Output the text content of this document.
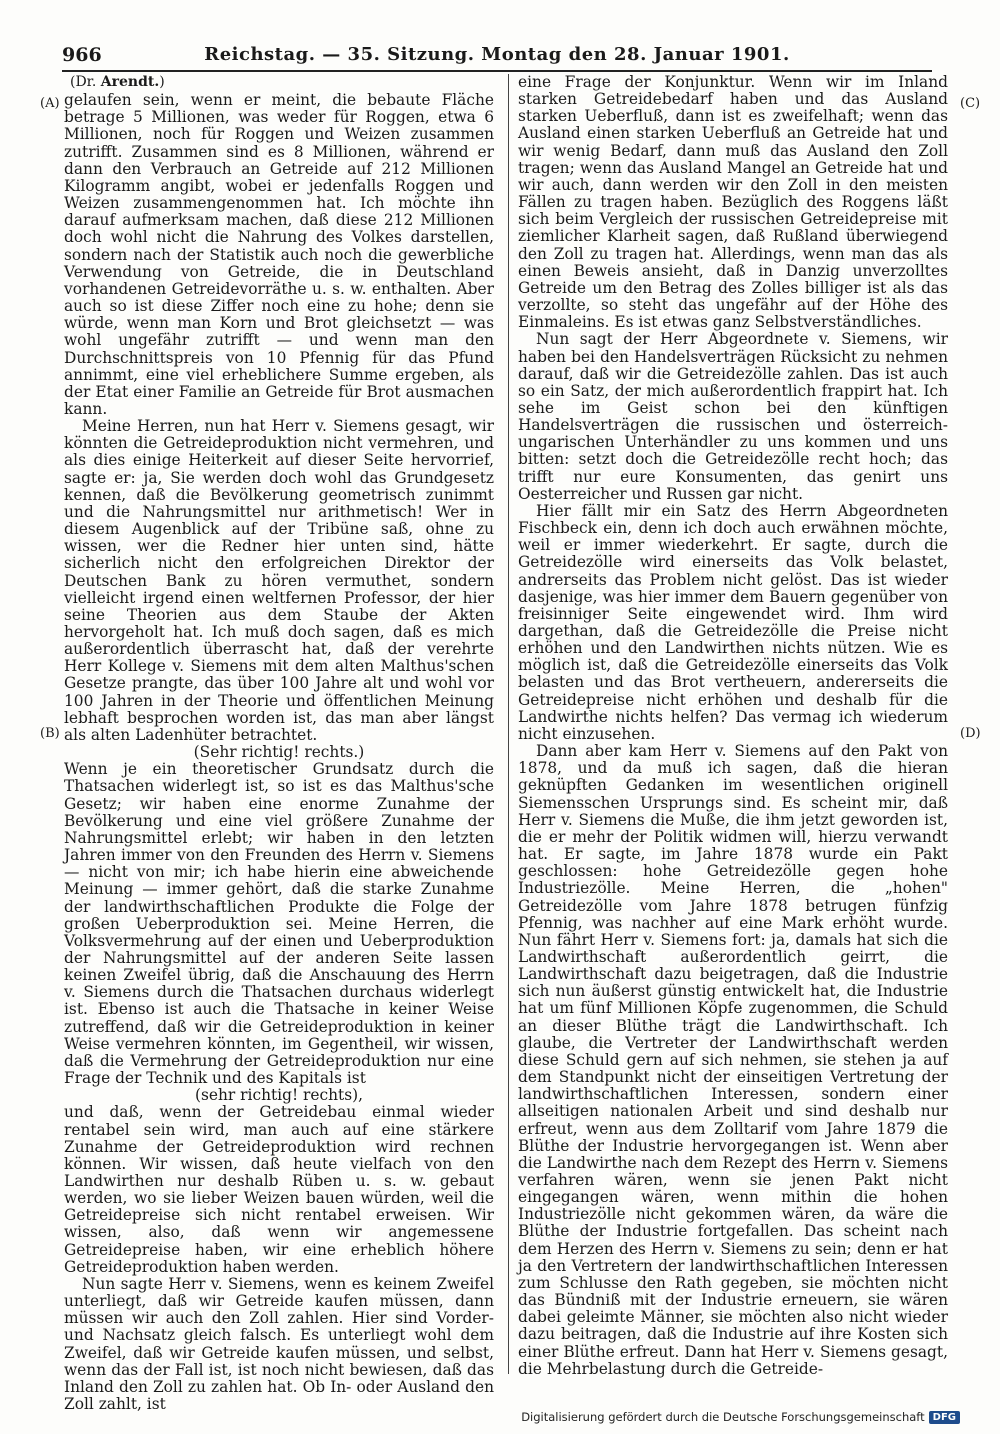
966	Reichstag. — 35. Sitzung. Montag den 28. Januar 1901.
(A)
(B)
(C)
(D)
(Dr. Arendt.)

gelaufen sein, wenn er meint, die bebaute Fläche betrage 5 Millionen, was weder für Roggen, etwa 6 Millionen, noch für Roggen und Weizen zusammen zutrifft. Zusammen sind es 8 Millionen, während er dann den Verbrauch an Getreide auf 212 Millionen Kilogramm angibt, wobei er jedenfalls Roggen und Weizen zusammengenommen hat. Ich möchte ihn darauf aufmerksam machen, daß diese 212 Millionen doch wohl nicht die Nahrung des Volkes darstellen, sondern nach der Statistik auch noch die gewerbliche Verwendung von Getreide, die in Deutschland vorhandenen Getreidevorräthe u. s. w. enthalten. Aber auch so ist diese Ziffer noch eine zu hohe; denn sie würde, wenn man Korn und Brot gleichsetzt — was wohl ungefähr zutrifft — und wenn man den Durchschnittspreis von 10 Pfennig für das Pfund annimmt, eine viel erheblichere Summe ergeben, als der Etat einer Familie an Getreide für Brot ausmachen kann.

Meine Herren, nun hat Herr v. Siemens gesagt, wir könnten die Getreideproduktion nicht vermehren, und als dies einige Heiterkeit auf dieser Seite hervorrief, sagte er: ja, Sie werden doch wohl das Grundgesetz kennen, daß die Bevölkerung geometrisch zunimmt und die Nahrungsmittel nur arithmetisch! Wer in diesem Augenblick auf der Tribüne saß, ohne zu wissen, wer die Redner hier unten sind, hätte sicherlich nicht den erfolgreichen Direktor der Deutschen Bank zu hören vermuthet, sondern vielleicht irgend einen weltfernen Professor, der hier seine Theorien aus dem Staube der Akten hervorgeholt hat. Ich muß doch sagen, daß es mich außerordentlich überrascht hat, daß der verehrte Herr Kollege v. Siemens mit dem alten Malthus'schen Gesetze prangte, das über 100 Jahre alt und wohl vor 100 Jahren in der Theorie und öffentlichen Meinung lebhaft besprochen worden ist, das man aber längst als alten Ladenhüter betrachtet.

(Sehr richtig! rechts.)

Wenn je ein theoretischer Grundsatz durch die Thatsachen widerlegt ist, so ist es das Malthus'sche Gesetz; wir haben eine enorme Zunahme der Bevölkerung und eine viel größere Zunahme der Nahrungsmittel erlebt; wir haben in den letzten Jahren immer von den Freunden des Herrn v. Siemens — nicht von mir; ich habe hierin eine abweichende Meinung — immer gehört, daß die starke Zunahme der landwirthschaftlichen Produkte die Folge der großen Ueberproduktion sei. Meine Herren, die Volksvermehrung auf der einen und Ueberproduktion der Nahrungsmittel auf der anderen Seite lassen keinen Zweifel übrig, daß die Anschauung des Herrn v. Siemens durch die Thatsachen durchaus widerlegt ist. Ebenso ist auch die Thatsache in keiner Weise zutreffend, daß wir die Getreideproduktion in keiner Weise vermehren könnten, im Gegentheil, wir wissen, daß die Vermehrung der Getreideproduktion nur eine Frage der Technik und des Kapitals ist

(sehr richtig! rechts),

und daß, wenn der Getreidebau einmal wieder rentabel sein wird, man auch auf eine stärkere Zunahme der Getreideproduktion wird rechnen können. Wir wissen, daß heute vielfach von den Landwirthen nur deshalb Rüben u. s. w. gebaut werden, wo sie lieber Weizen bauen würden, weil die Getreidepreise sich nicht rentabel erweisen. Wir wissen, also, daß wenn wir angemessene Getreidepreise haben, wir eine erheblich höhere Getreideproduktion haben werden.

Nun sagte Herr v. Siemens, wenn es keinem Zweifel unterliegt, daß wir Getreide kaufen müssen, dann müssen wir auch den Zoll zahlen. Hier sind Vorder- und Nachsatz gleich falsch. Es unterliegt wohl dem Zweifel, daß wir Getreide kaufen müssen, und selbst, wenn das der Fall ist, ist noch nicht bewiesen, daß das Inland den Zoll zu zahlen hat. Ob In- oder Ausland den Zoll zahlt, ist

eine Frage der Konjunktur. Wenn wir im Inland starken Getreidebedarf haben und das Ausland starken Ueberfluß, dann ist es zweifelhaft; wenn das Ausland einen starken Ueberfluß an Getreide hat und wir wenig Bedarf, dann muß das Ausland den Zoll tragen; wenn das Ausland Mangel an Getreide hat und wir auch, dann werden wir den Zoll in den meisten Fällen zu tragen haben. Bezüglich des Roggens läßt sich beim Vergleich der russischen Getreidepreise mit ziemlicher Klarheit sagen, daß Rußland überwiegend den Zoll zu tragen hat. Allerdings, wenn man das als einen Beweis ansieht, daß in Danzig unverzolltes Getreide um den Betrag des Zolles billiger ist als das verzollte, so steht das ungefähr auf der Höhe des Einmaleins. Es ist etwas ganz Selbstverständliches.

Nun sagt der Herr Abgeordnete v. Siemens, wir haben bei den Handelsverträgen Rücksicht zu nehmen darauf, daß wir die Getreidezölle zahlen. Das ist auch so ein Satz, der mich außerordentlich frappirt hat. Ich sehe im Geist schon bei den künftigen Handelsverträgen die russischen und österreich-ungarischen Unterhändler zu uns kommen und uns bitten: setzt doch die Getreidezölle recht hoch; das trifft nur eure Konsumenten, das genirt uns Oesterreicher und Russen gar nicht.

Hier fällt mir ein Satz des Herrn Abgeordneten Fischbeck ein, denn ich doch auch erwähnen möchte, weil er immer wiederkehrt. Er sagte, durch die Getreidezölle wird einerseits das Volk belastet, andrerseits das Problem nicht gelöst. Das ist wieder dasjenige, was hier immer dem Bauern gegenüber von freisinniger Seite eingewendet wird. Ihm wird dargethan, daß die Getreidezölle die Preise nicht erhöhen und den Landwirthen nichts nützen. Wie es möglich ist, daß die Getreidezölle einerseits das Volk belasten und das Brot vertheuern, andererseits die Getreidepreise nicht erhöhen und deshalb für die Landwirthe nichts helfen? Das vermag ich wiederum nicht einzusehen.

Dann aber kam Herr v. Siemens auf den Pakt von 1878, und da muß ich sagen, daß die hieran geknüpften Gedanken im wesentlichen originell Siemensschen Ursprungs sind. Es scheint mir, daß Herr v. Siemens die Muße, die ihm jetzt geworden ist, die er mehr der Politik widmen will, hierzu verwandt hat. Er sagte, im Jahre 1878 wurde ein Pakt geschlossen: hohe Getreidezölle gegen hohe Industriezölle. Meine Herren, die „hohen" Getreidezölle vom Jahre 1878 betrugen fünfzig Pfennig, was nachher auf eine Mark erhöht wurde. Nun fährt Herr v. Siemens fort: ja, damals hat sich die Landwirthschaft außerordentlich geirrt, die Landwirthschaft dazu beigetragen, daß die Industrie sich nun äußerst günstig entwickelt hat, die Industrie hat um fünf Millionen Köpfe zugenommen, die Schuld an dieser Blüthe trägt die Landwirthschaft. Ich glaube, die Vertreter der Landwirthschaft werden diese Schuld gern auf sich nehmen, sie stehen ja auf dem Standpunkt nicht der einseitigen Vertretung der landwirthschaftlichen Interessen, sondern einer allseitigen nationalen Arbeit und sind deshalb nur erfreut, wenn aus dem Zolltarif vom Jahre 1879 die Blüthe der Industrie hervorgegangen ist. Wenn aber die Landwirthe nach dem Rezept des Herrn v. Siemens verfahren wären, wenn sie jenen Pakt nicht eingegangen wären, wenn mithin die hohen Industriezölle nicht gekommen wären, da wäre die Blüthe der Industrie fortgefallen. Das scheint nach dem Herzen des Herrn v. Siemens zu sein; denn er hat ja den Vertretern der landwirthschaftlichen Interessen zum Schlusse den Rath gegeben, sie möchten nicht das Bündniß mit der Industrie erneuern, sie wären dabei geleimte Männer, sie möchten also nicht wieder dazu beitragen, daß die Industrie auf ihre Kosten sich einer Blüthe erfreut. Dann hat Herr v. Siemens gesagt, die Mehrbelastung durch die Getreide-

Digitalisierung gefördert durch die Deutsche Forschungsgemeinschaft DFG
